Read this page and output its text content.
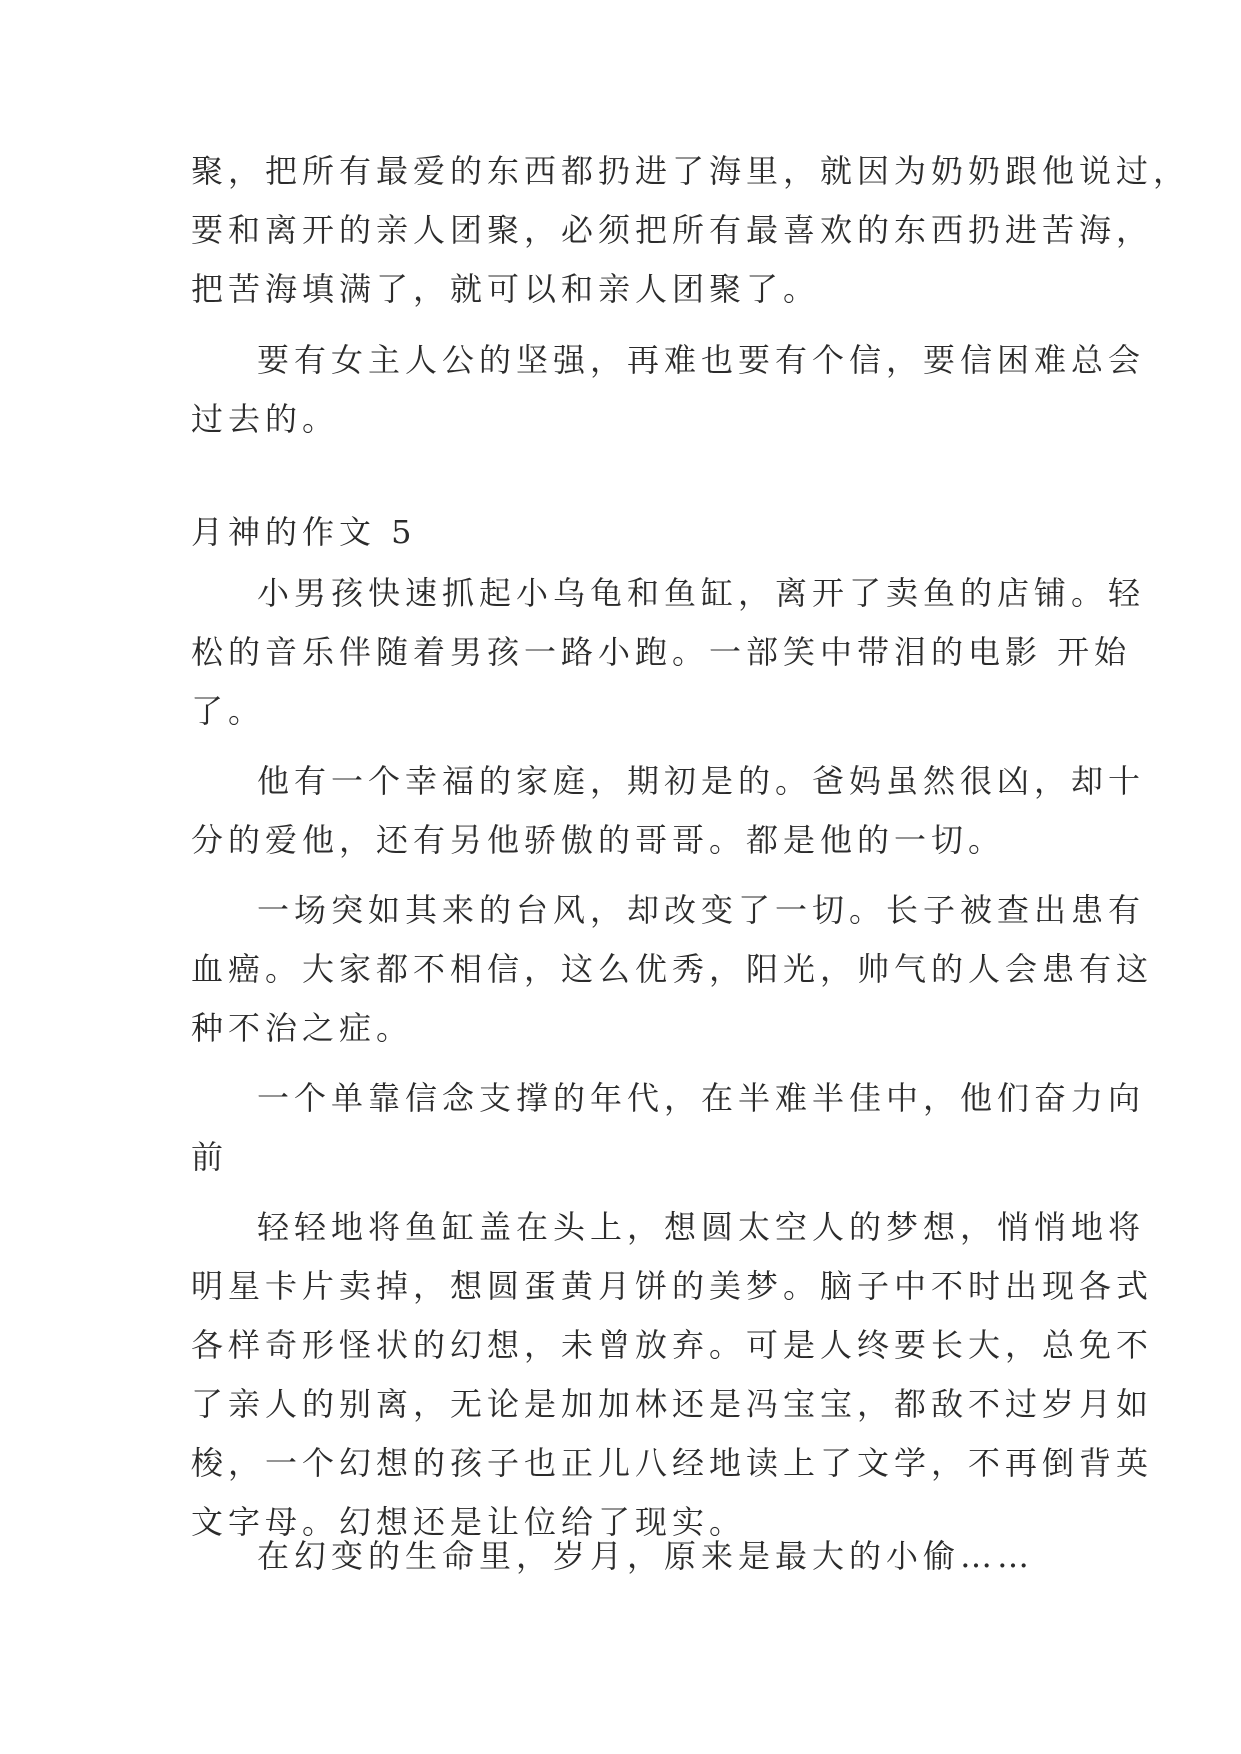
聚，把所有最爱的东西都扔进了海里，就因为奶奶跟他说过，
要和离开的亲人团聚，必须把所有最喜欢的东西扔进苦海，
把苦海填满了，就可以和亲人团聚了。
要有女主人公的坚强，再难也要有个信，要信困难总会
过去的。
月神的作文 5
小男孩快速抓起小乌龟和鱼缸，离开了卖鱼的店铺。轻
松的音乐伴随着男孩一路小跑。一部笑中带泪的电影 开始
了。
他有一个幸福的家庭，期初是的。爸妈虽然很凶，却十
分的爱他，还有另他骄傲的哥哥。都是他的一切。
一场突如其来的台风，却改变了一切。长子被查出患有
血癌。大家都不相信，这么优秀，阳光，帅气的人会患有这
种不治之症。
一个单靠信念支撑的年代，在半难半佳中，他们奋力向
前
轻轻地将鱼缸盖在头上，想圆太空人的梦想，悄悄地将
明星卡片卖掉，想圆蛋黄月饼的美梦。脑子中不时出现各式
各样奇形怪状的幻想，未曾放弃。可是人终要长大，总免不
了亲人的别离，无论是加加林还是冯宝宝，都敌不过岁月如
梭，一个幻想的孩子也正儿八经地读上了文学，不再倒背英
文字母。幻想还是让位给了现实。
在幻变的生命里，岁月，原来是最大的小偷……
